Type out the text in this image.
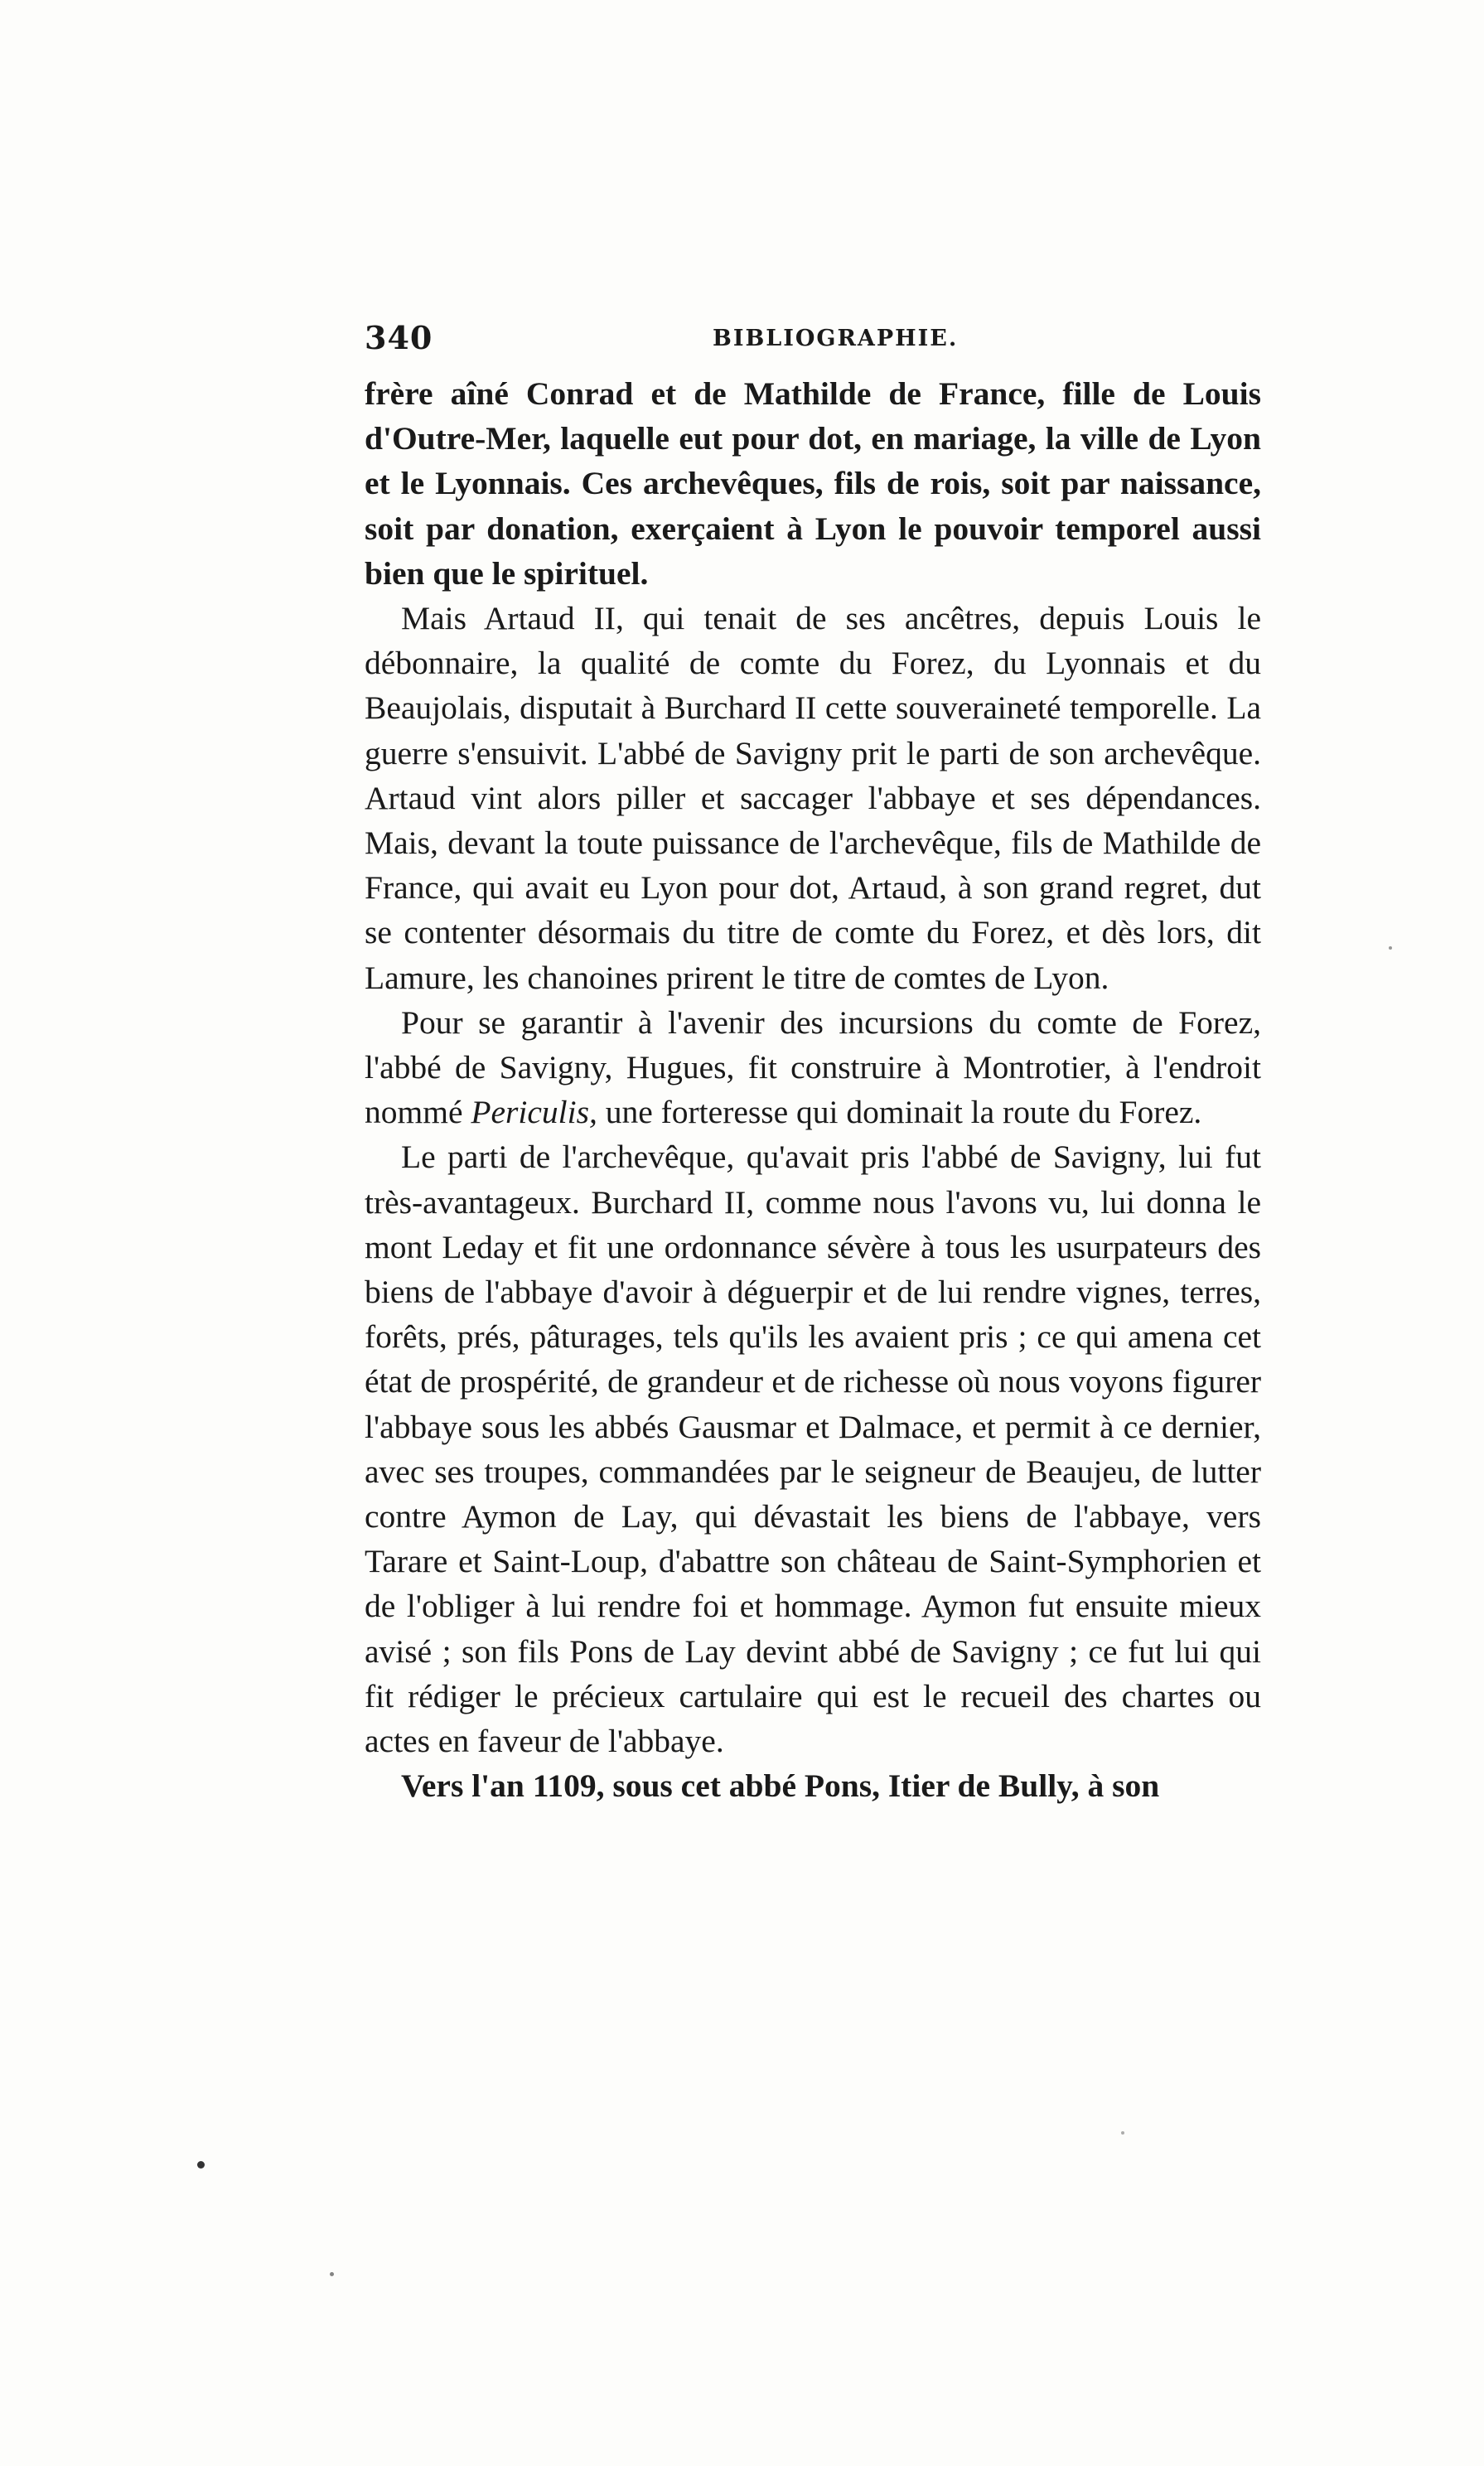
340	BIBLIOGRAPHIE.

frère aîné Conrad et de Mathilde de France, fille de Louis d'Outre-Mer, laquelle eut pour dot, en mariage, la ville de Lyon et le Lyonnais. Ces archevêques, fils de rois, soit par naissance, soit par donation, exerçaient à Lyon le pouvoir temporel aussi bien que le spirituel.

Mais Artaud II, qui tenait de ses ancêtres, depuis Louis le débonnaire, la qualité de comte du Forez, du Lyonnais et du Beaujolais, disputait à Burchard II cette souveraineté temporelle. La guerre s'ensuivit. L'abbé de Savigny prit le parti de son archevêque. Artaud vint alors piller et saccager l'abbaye et ses dépendances. Mais, devant la toute puissance de l'archevêque, fils de Mathilde de France, qui avait eu Lyon pour dot, Artaud, à son grand regret, dut se contenter désormais du titre de comte du Forez, et dès lors, dit Lamure, les chanoines prirent le titre de comtes de Lyon.

Pour se garantir à l'avenir des incursions du comte de Forez, l'abbé de Savigny, Hugues, fit construire à Montrotier, à l'endroit nommé Periculis, une forteresse qui dominait la route du Forez.

Le parti de l'archevêque, qu'avait pris l'abbé de Savigny, lui fut très-avantageux. Burchard II, comme nous l'avons vu, lui donna le mont Leday et fit une ordonnance sévère à tous les usurpateurs des biens de l'abbaye d'avoir à déguerpir et de lui rendre vignes, terres, forêts, prés, pâturages, tels qu'ils les avaient pris ; ce qui amena cet état de prospérité, de grandeur et de richesse où nous voyons figurer l'abbaye sous les abbés Gausmar et Dalmace, et permit à ce dernier, avec ses troupes, commandées par le seigneur de Beaujeu, de lutter contre Aymon de Lay, qui dévastait les biens de l'abbaye, vers Tarare et Saint-Loup, d'abattre son château de Saint-Symphorien et de l'obliger à lui rendre foi et hommage. Aymon fut ensuite mieux avisé ; son fils Pons de Lay devint abbé de Savigny ; ce fut lui qui fit rédiger le précieux cartulaire qui est le recueil des chartes ou actes en faveur de l'abbaye.

Vers l'an 1109, sous cet abbé Pons, Itier de Bully, à son
